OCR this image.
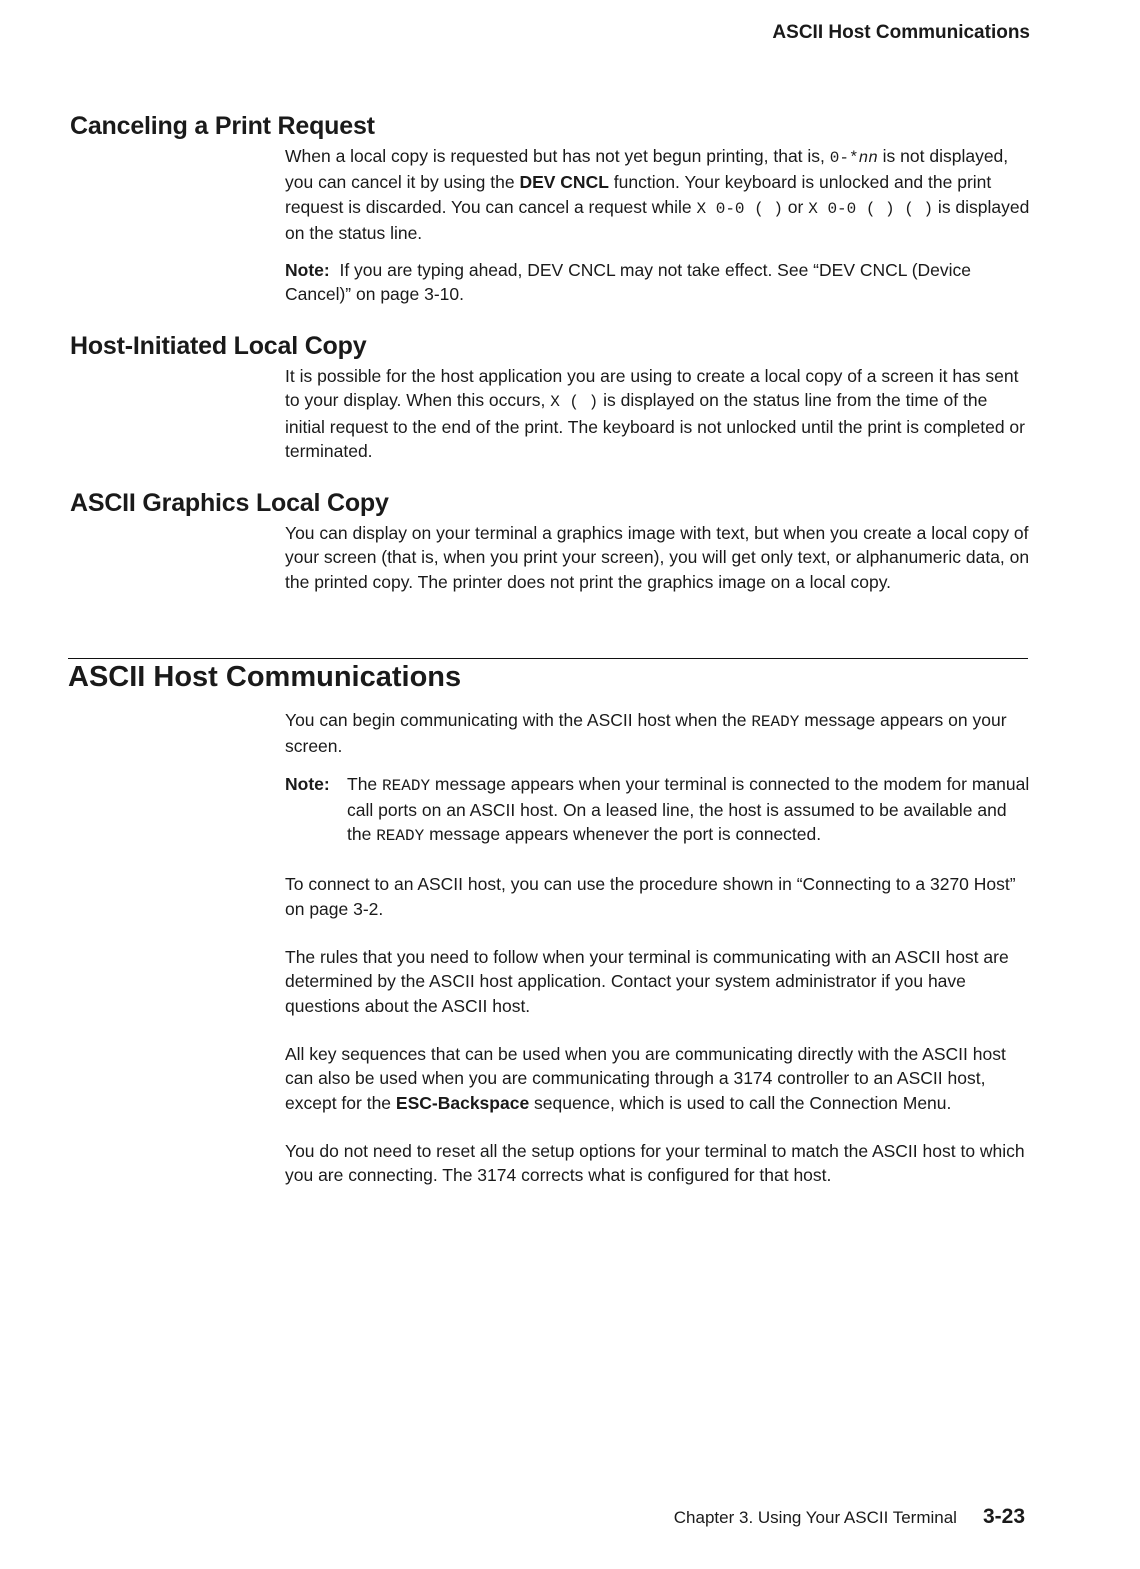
ASCII Host Communications
Canceling a Print Request

When a local copy is requested but has not yet begun printing, that is, 0-*nn is not displayed, you can cancel it by using the DEV CNCL function. Your keyboard is unlocked and the print request is discarded. You can cancel a request while X 0-0 ( ) or X 0-0 ( ) ( ) is displayed on the status line.

Note: If you are typing ahead, DEV CNCL may not take effect. See “DEV CNCL (Device Cancel)” on page 3-10.

Host-Initiated Local Copy

It is possible for the host application you are using to create a local copy of a screen it has sent to your display. When this occurs, X ( ) is displayed on the status line from the time of the initial request to the end of the print. The keyboard is not unlocked until the print is completed or terminated.

ASCII Graphics Local Copy

You can display on your terminal a graphics image with text, but when you create a local copy of your screen (that is, when you print your screen), you will get only text, or alphanumeric data, on the printed copy. The printer does not print the graphics image on a local copy.

ASCII Host Communications

You can begin communicating with the ASCII host when the READY message appears on your screen.

Note: The READY message appears when your terminal is connected to the modem for manual call ports on an ASCII host. On a leased line, the host is assumed to be available and the READY message appears whenever the port is connected.

To connect to an ASCII host, you can use the procedure shown in “Connecting to a 3270 Host” on page 3-2.

The rules that you need to follow when your terminal is communicating with an ASCII host are determined by the ASCII host application. Contact your system administrator if you have questions about the ASCII host.

All key sequences that can be used when you are communicating directly with the ASCII host can also be used when you are communicating through a 3174 controller to an ASCII host, except for the ESC-Backspace sequence, which is used to call the Connection Menu.

You do not need to reset all the setup options for your terminal to match the ASCII host to which you are connecting. The 3174 corrects what is configured for that host.

Chapter 3. Using Your ASCII Terminal 3-23
